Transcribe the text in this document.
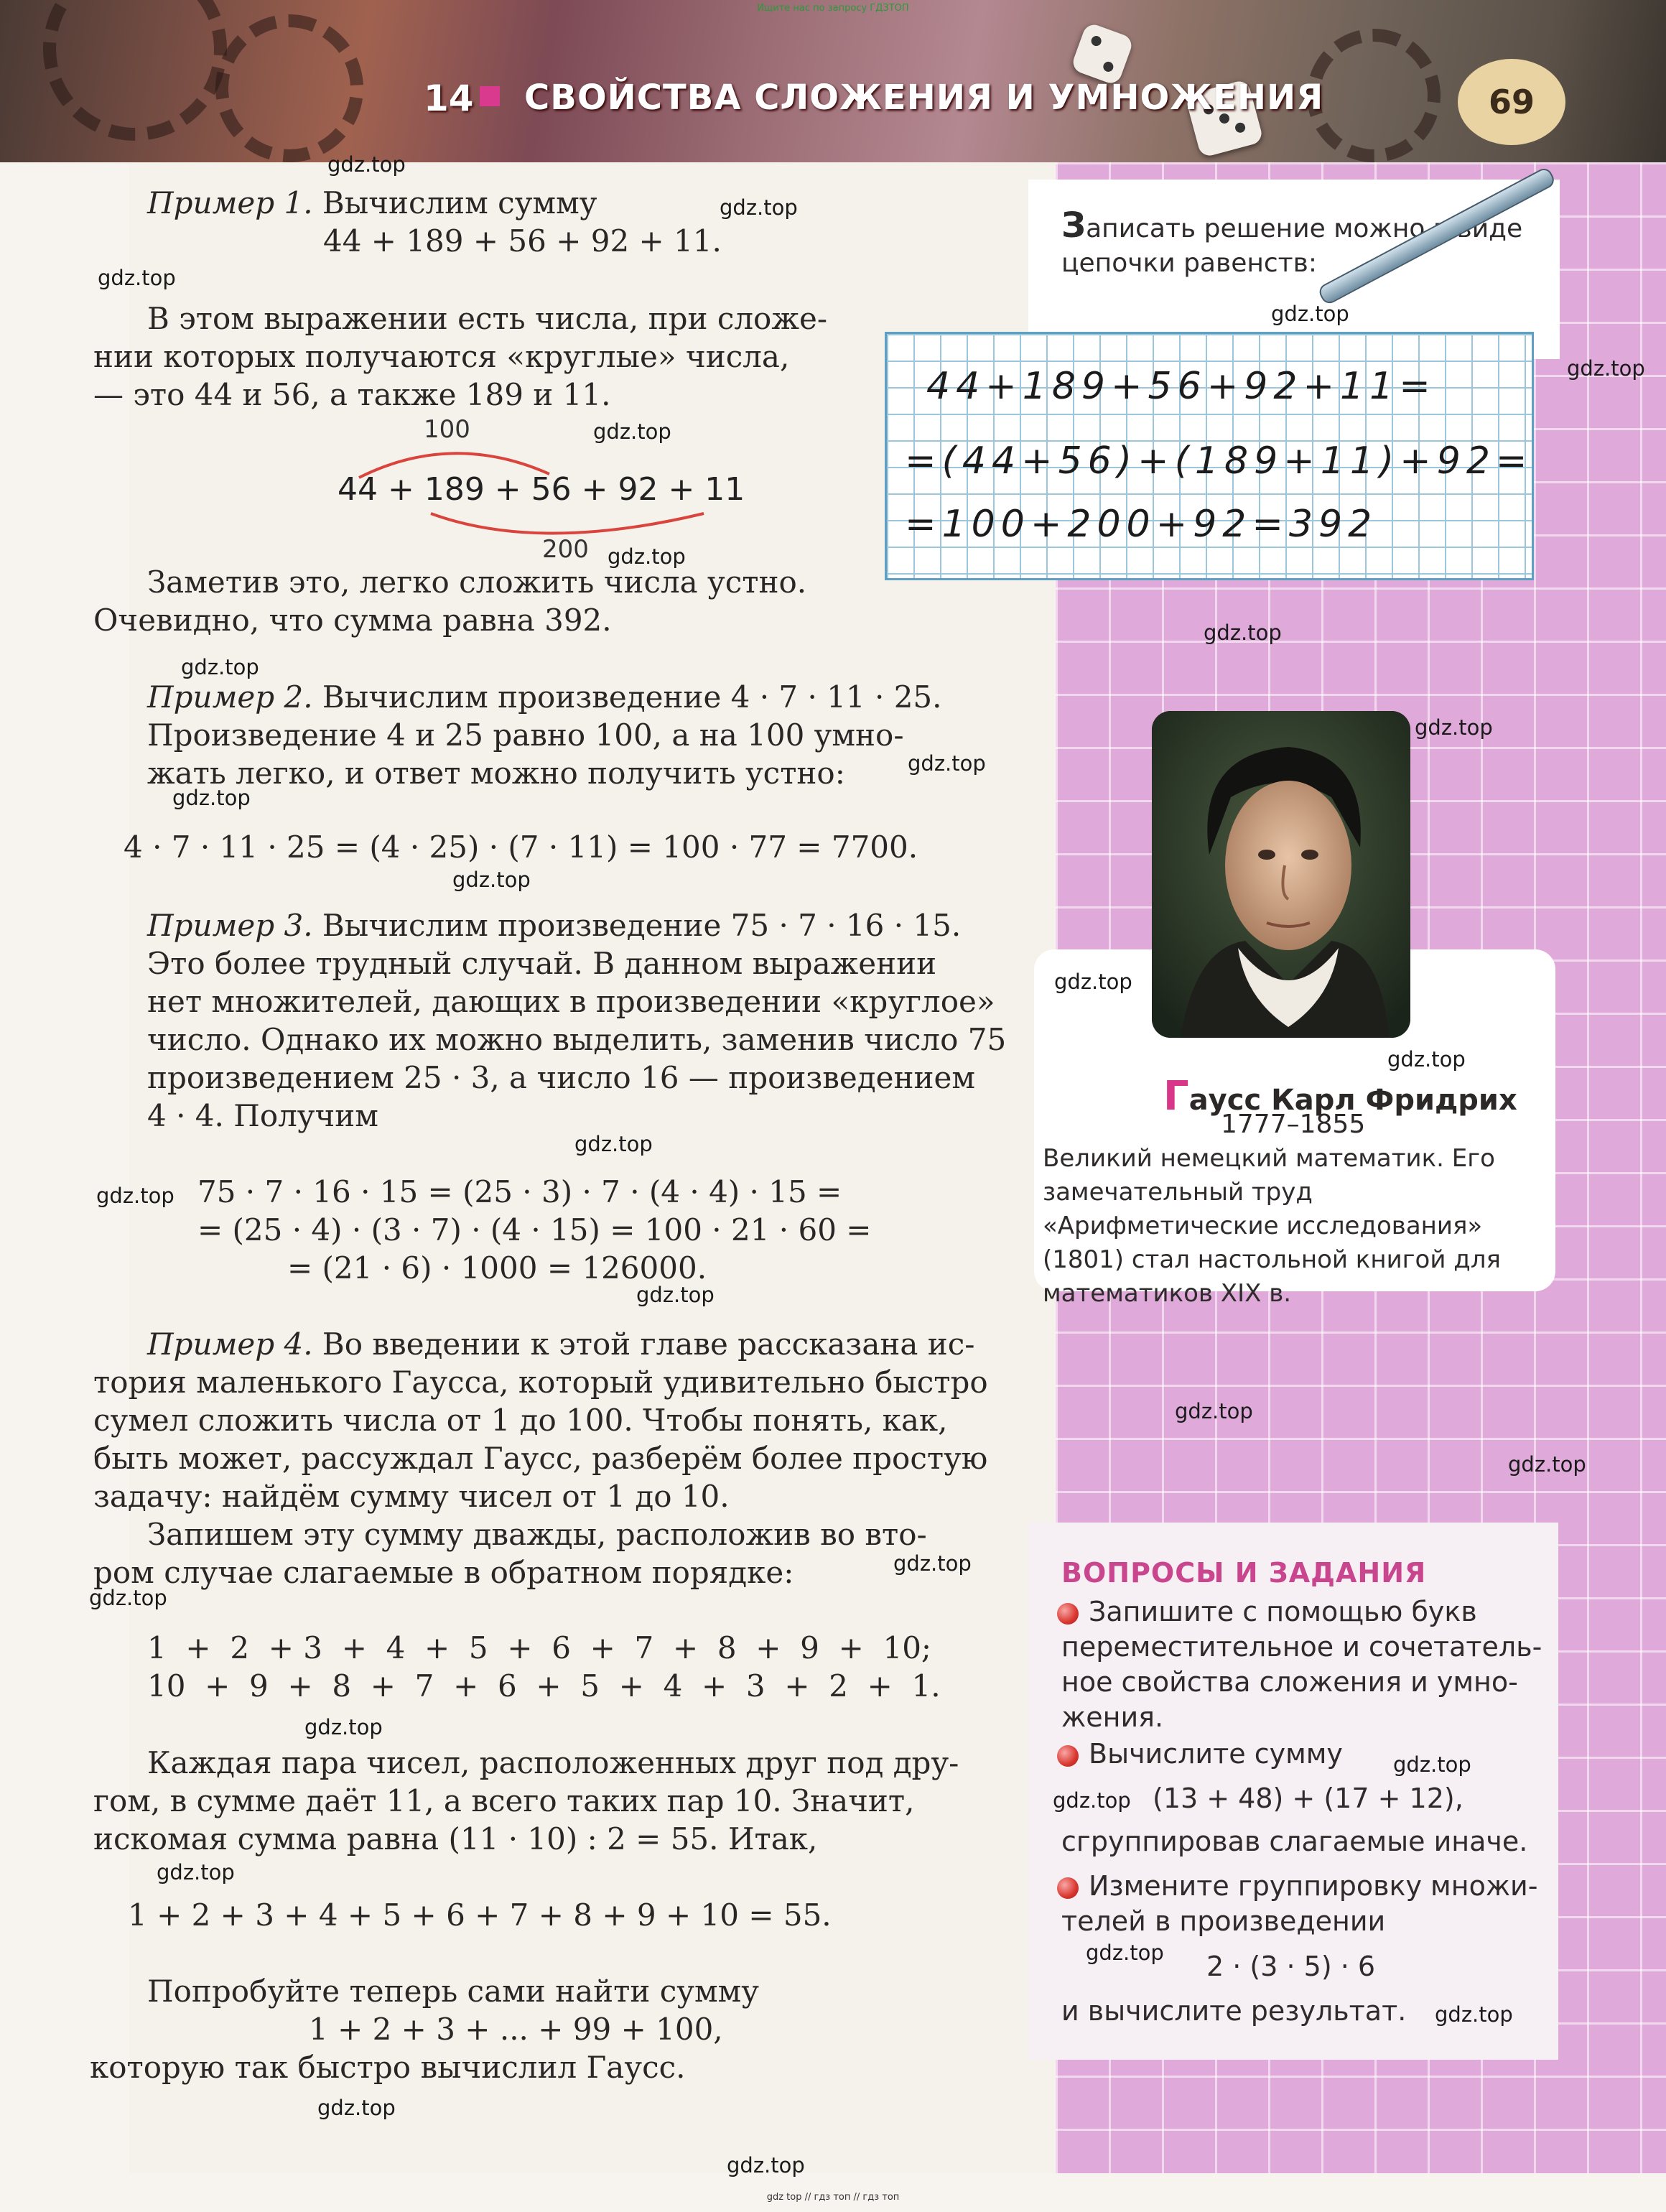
Ищите нас по запросу ГДЗТОП
14 СВОЙСТВА СЛОЖЕНИЯ И УМНОЖЕНИЯ	69
Пример 1. Вычислим сумму
44 + 189 + 56 + 92 + 11.
В этом выражении есть числа, при сложе-
нии которых получаются «круглые» числа,
— это 44 и 56, а также 189 и 11.
100
44 + 189 + 56 + 92 + 11
200
Заметив это, легко сложить числа устно.
Очевидно, что сумма равна 392.
Пример 2. Вычислим произведение 4 · 7 · 11 · 25.
Произведение 4 и 25 равно 100, а на 100 умно-
жать легко, и ответ можно получить устно:
4 · 7 · 11 · 25 = (4 · 25) · (7 · 11) = 100 · 77 = 7700.
Пример 3. Вычислим произведение 75 · 7 · 16 · 15.
Это более трудный случай. В данном выражении
нет множителей, дающих в произведении «круглое»
число. Однако их можно выделить, заменив число 75
произведением 25 · 3, а число 16 — произведением
4 · 4. Получим
75 · 7 · 16 · 15 = (25 · 3) · 7 · (4 · 4) · 15 =
= (25 · 4) · (3 · 7) · (4 · 15) = 100 · 21 · 60 =
= (21 · 6) · 1000 = 126000.
Пример 4. Во введении к этой главе рассказана ис-
тория маленького Гаусса, который удивительно быстро
сумел сложить числа от 1 до 100. Чтобы понять, как,
быть может, рассуждал Гаусс, разберём более простую
задачу: найдём сумму чисел от 1 до 10.
Запишем эту сумму дважды, расположив во вто-
ром случае слагаемые в обратном порядке:
1  +  2  + 3  +  4  +  5  +  6  +  7  +  8  +  9  +  10;
10  +  9  +  8  +  7  +  6  +  5  +  4  +  3  +  2  +  1.
Каждая пара чисел, расположенных друг под дру-
гом, в сумме даёт 11, а всего таких пар 10. Значит,
искомая сумма равна (11 · 10) : 2 = 55. Итак,
1 + 2 + 3 + 4 + 5 + 6 + 7 + 8 + 9 + 10 = 55.
Попробуйте теперь сами найти сумму
1 + 2 + 3 + ... + 99 + 100,
которую так быстро вычислил Гаусс.
Записать решение можно в виде цепочки равенств:
44+189+56+92+11=
=(44+56)+(189+11)+92=
=100+200+92=392
Гаусс Карл Фридрих
1777–1855
Великий немецкий математик. Его замечательный труд «Арифметические исследования» (1801) стал настольной книгой для математиков XIX в.
ВОПРОСЫ И ЗАДАНИЯ
Запишите с помощью букв
переместительное и сочетатель-
ное свойства сложения и умно-
жения.
Вычислите сумму
(13 + 48) + (17 + 12),
сгруппировав слагаемые иначе.
Измените группировку множи-
телей в произведении
2 · (3 · 5) · 6
и вычислите результат.
gdz.top
gdz.top
gdz.top
gdz.top
gdz.top
gdz.top
gdz.top
gdz.top
gdz.top
gdz.top
gdz.top
gdz.top
gdz.top
gdz.top
gdz.top
gdz.top
gdz.top
gdz.top
gdz.top
gdz.top
gdz.top
gdz.top
gdz.top
gdz.top
gdz.top
gdz.top
gdz.top
gdz.top
gdz.top
gdz.top
gdz top // гдз топ // гдз топ
